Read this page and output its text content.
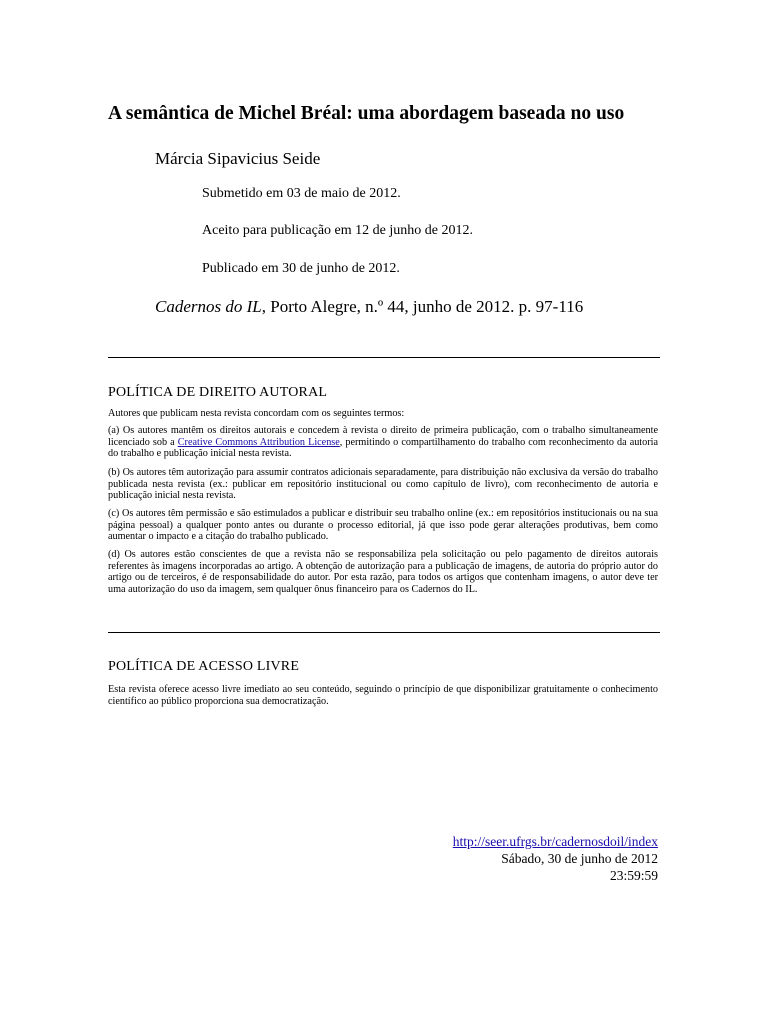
A semântica de Michel Bréal: uma abordagem baseada no uso
Márcia Sipavicius Seide
Submetido em 03 de maio de 2012.
Aceito para publicação em 12 de junho de 2012.
Publicado em 30 de junho de 2012.
Cadernos do IL, Porto Alegre, n.º 44, junho de 2012. p. 97-116
POLÍTICA DE DIREITO AUTORAL
Autores que publicam nesta revista concordam com os seguintes termos:
(a) Os autores mantêm os direitos autorais e concedem à revista o direito de primeira publicação, com o trabalho simultaneamente licenciado sob a Creative Commons Attribution License, permitindo o compartilhamento do trabalho com reconhecimento da autoria do trabalho e publicação inicial nesta revista.
(b) Os autores têm autorização para assumir contratos adicionais separadamente, para distribuição não exclusiva da versão do trabalho publicada nesta revista (ex.: publicar em repositório institucional ou como capítulo de livro), com reconhecimento de autoria e publicação inicial nesta revista.
(c) Os autores têm permissão e são estimulados a publicar e distribuir seu trabalho online (ex.: em repositórios institucionais ou na sua página pessoal) a qualquer ponto antes ou durante o processo editorial, já que isso pode gerar alterações produtivas, bem como aumentar o impacto e a citação do trabalho publicado.
(d) Os autores estão conscientes de que a revista não se responsabiliza pela solicitação ou pelo pagamento de direitos autorais referentes às imagens incorporadas ao artigo. A obtenção de autorização para a publicação de imagens, de autoria do próprio autor do artigo ou de terceiros, é de responsabilidade do autor. Por esta razão, para todos os artigos que contenham imagens, o autor deve ter uma autorização do uso da imagem, sem qualquer ônus financeiro para os Cadernos do IL.
POLÍTICA DE ACESSO LIVRE
Esta revista oferece acesso livre imediato ao seu conteúdo, seguindo o princípio de que disponibilizar gratuitamente o conhecimento científico ao público proporciona sua democratização.
http://seer.ufrgs.br/cadernosdoil/index
Sábado, 30 de junho de 2012
23:59:59
